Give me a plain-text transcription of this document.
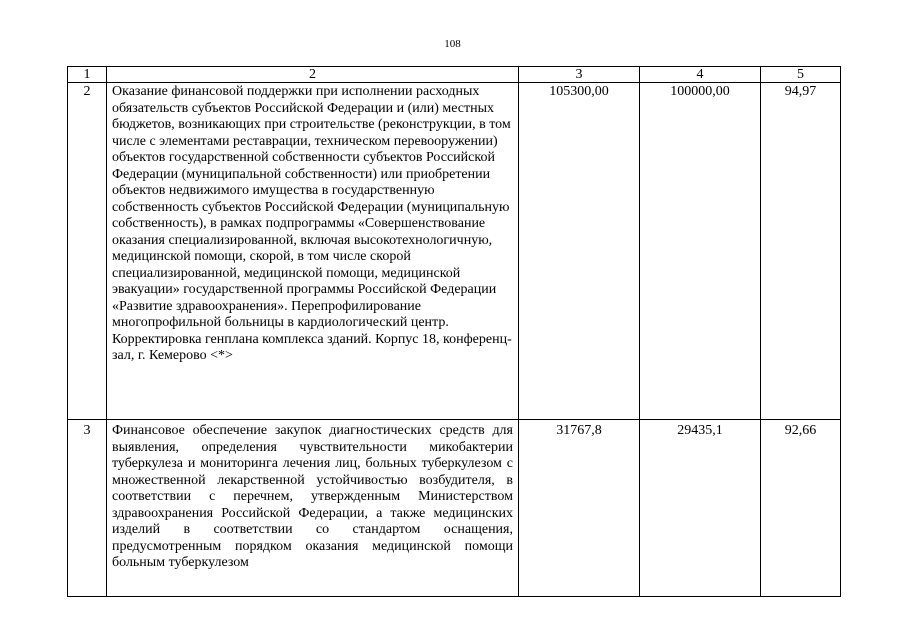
108
1	2	3	4	5
2	Оказание финансовой поддержки при исполнении расходных обязательств субъектов Российской Федерации и (или) местных бюджетов, возникающих при строительстве (реконструкции, в том числе с элементами реставрации, техническом перевооружении) объектов государственной собственности субъектов Российской Федерации (муниципальной собственности) или приобретении объектов недвижимого имущества в государственную собственность субъектов Российской Федерации (муниципальную собственность), в рамках подпрограммы «Совершенствование оказания специализированной, включая высокотехнологичную, медицинской помощи, скорой, в том числе скорой специализированной, медицинской помощи, медицинской эвакуации» государственной программы Российской Федерации «Развитие здравоохранения». Перепрофилирование многопрофильной больницы в кардиологический центр. Корректировка генплана комплекса зданий. Корпус 18, конференц-зал, г. Кемерово <*>	105300,00	100000,00	94,97
3	Финансовое обеспечение закупок диагностических средств для выявления, определения чувствительности микобактерии туберкулеза и мониторинга лечения лиц, больных туберкулезом с множественной лекарственной устойчивостью возбудителя, в соответствии с перечнем, утвержденным Министерством здравоохранения Российской Федерации, а также медицинских изделий в соответствии со стандартом оснащения, предусмотренным порядком оказания медицинской помощи больным туберкулезом	31767,8	29435,1	92,66
